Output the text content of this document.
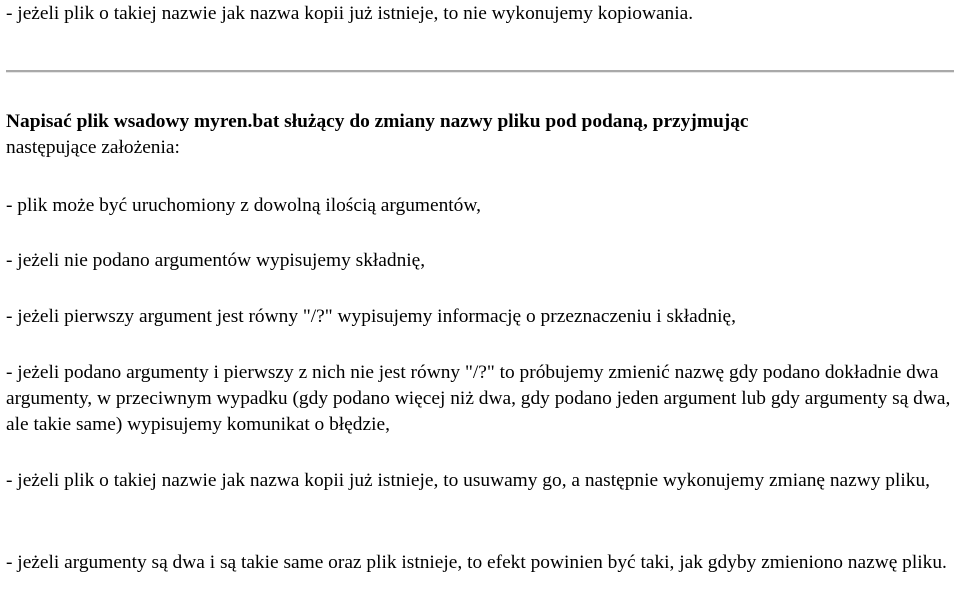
- jeżeli plik o takiej nazwie jak nazwa kopii już istnieje, to nie wykonujemy kopiowania.

Napisać plik wsadowy myren.bat służący do zmiany nazwy pliku pod podaną, przyjmując
następujące założenia:

- plik może być uruchomiony z dowolną ilością argumentów,

- jeżeli nie podano argumentów wypisujemy składnię,

- jeżeli pierwszy argument jest równy "/?" wypisujemy informację o przeznaczeniu i składnię,

- jeżeli podano argumenty i pierwszy z nich nie jest równy "/?" to próbujemy zmienić nazwę gdy podano dokładnie dwa argumenty, w przeciwnym wypadku (gdy podano więcej niż dwa, gdy podano jeden argument lub gdy argumenty są dwa, ale takie same) wypisujemy komunikat o błędzie,

- jeżeli plik o takiej nazwie jak nazwa kopii już istnieje, to usuwamy go, a następnie wykonujemy zmianę nazwy pliku,

- jeżeli argumenty są dwa i są takie same oraz plik istnieje, to efekt powinien być taki, jak gdyby zmieniono nazwę pliku.
